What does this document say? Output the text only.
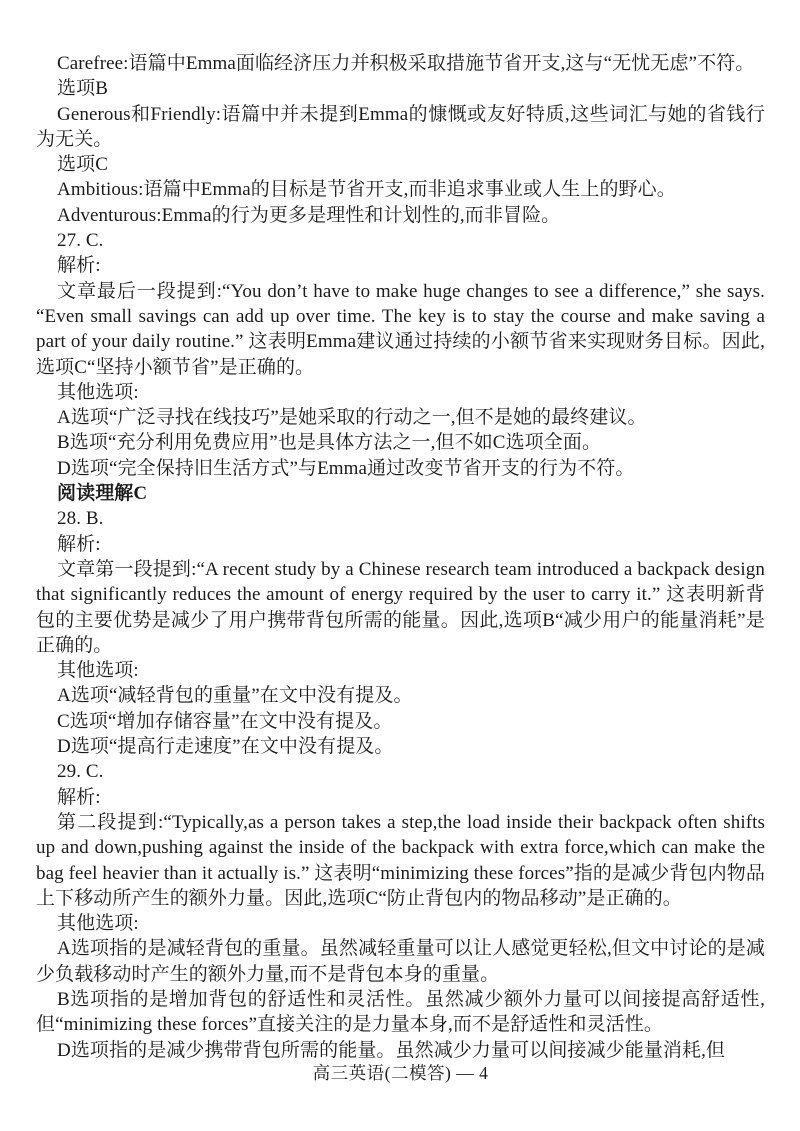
Carefree:语篇中Emma面临经济压力并积极采取措施节省开支,这与“无忧无虑”不符。

选项B

Generous和Friendly:语篇中并未提到Emma的慷慨或友好特质,这些词汇与她的省钱行为无关。

选项C

Ambitious:语篇中Emma的目标是节省开支,而非追求事业或人生上的野心。

Adventurous:Emma的行为更多是理性和计划性的,而非冒险。

27. C.

解析:

文章最后一段提到:“You don’t have to make huge changes to see a difference,” she says. “Even small savings can add up over time. The key is to stay the course and make saving a part of your daily routine.” 这表明Emma建议通过持续的小额节省来实现财务目标。因此,选项C“坚持小额节省”是正确的。

其他选项:

A选项“广泛寻找在线技巧”是她采取的行动之一,但不是她的最终建议。

B选项“充分利用免费应用”也是具体方法之一,但不如C选项全面。

D选项“完全保持旧生活方式”与Emma通过改变节省开支的行为不符。

阅读理解C

28. B.

解析:

文章第一段提到:“A recent study by a Chinese research team introduced a backpack design that significantly reduces the amount of energy required by the user to carry it.” 这表明新背包的主要优势是减少了用户携带背包所需的能量。因此,选项B“减少用户的能量消耗”是正确的。

其他选项:

A选项“减轻背包的重量”在文中没有提及。

C选项“增加存储容量”在文中没有提及。

D选项“提高行走速度”在文中没有提及。

29. C.

解析:

第二段提到:“Typically,as a person takes a step,the load inside their backpack often shifts up and down,pushing against the inside of the backpack with extra force,which can make the bag feel heavier than it actually is.” 这表明“minimizing these forces”指的是减少背包内物品上下移动所产生的额外力量。因此,选项C“防止背包内的物品移动”是正确的。

其他选项:

A选项指的是减轻背包的重量。虽然减轻重量可以让人感觉更轻松,但文中讨论的是减少负载移动时产生的额外力量,而不是背包本身的重量。

B选项指的是增加背包的舒适性和灵活性。虽然减少额外力量可以间接提高舒适性,但“minimizing these forces”直接关注的是力量本身,而不是舒适性和灵活性。

D选项指的是减少携带背包所需的能量。虽然减少力量可以间接减少能量消耗,但

高三英语(二模答) — 4
